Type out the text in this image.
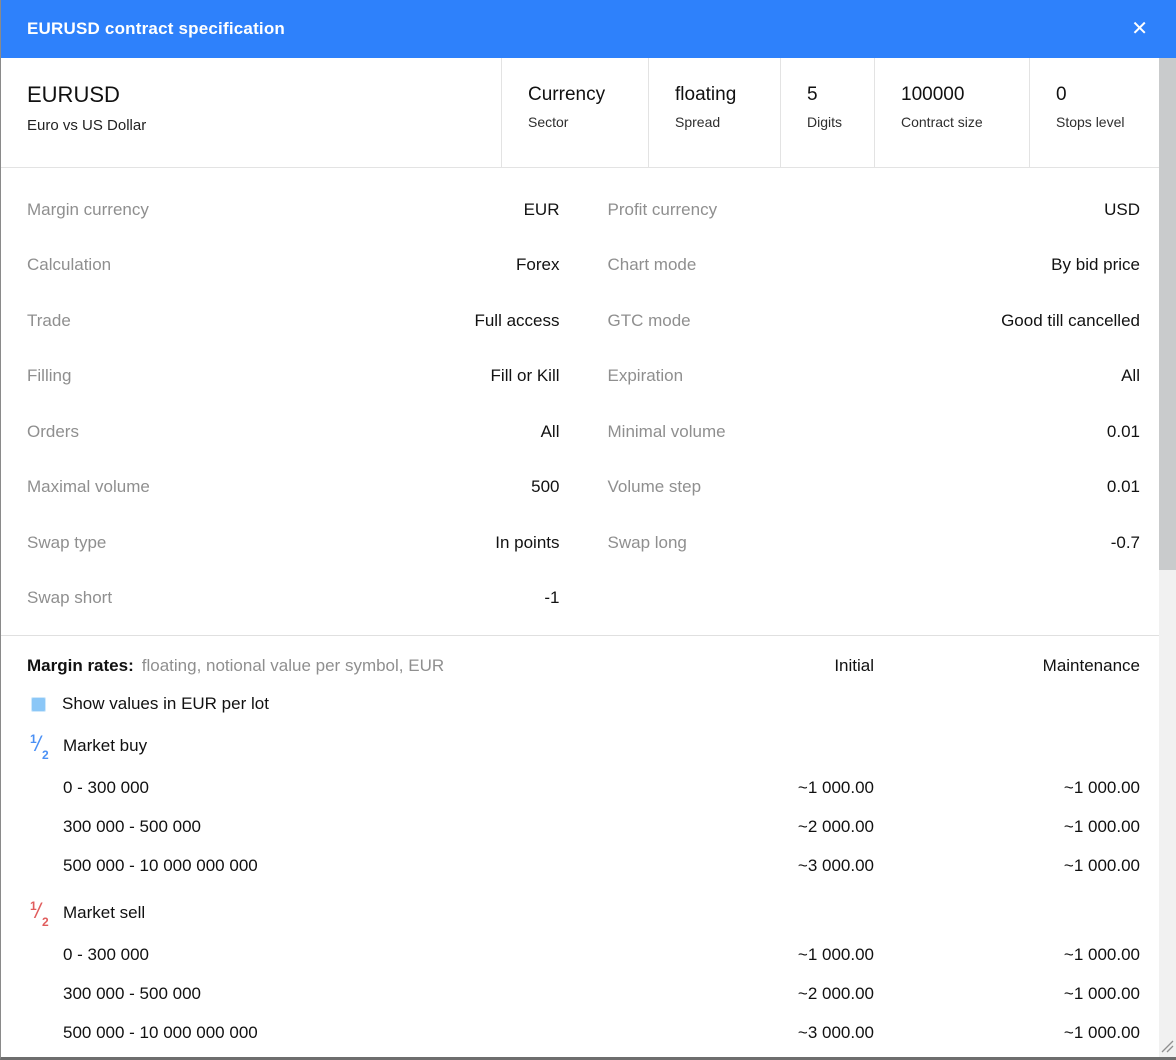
EURUSD contract specification	✕
EURUSD
Euro vs US Dollar
Currency
Sector
floating
Spread
5
Digits
100000
Contract size
0
Stops level
Margin currency	EUR
Calculation	Forex
Trade	Full access
Filling	Fill or Kill
Orders	All
Maximal volume	500
Swap type	In points
Swap short	-1
Profit currency	USD
Chart mode	By bid price
GTC mode	Good till cancelled
Expiration	All
Minimal volume	0.01
Volume step	0.01
Swap long	-0.7
Margin rates: floating, notional value per symbol, EUR	Initial	Maintenance
Show values in EUR per lot
1
/ 2 Market buy
0 - 300 000	~1 000.00	~1 000.00
300 000 - 500 000	~2 000.00	~1 000.00
500 000 - 10 000 000 000	~3 000.00	~1 000.00
1
/ 2 Market sell
0 - 300 000	~1 000.00	~1 000.00
300 000 - 500 000	~2 000.00	~1 000.00
500 000 - 10 000 000 000	~3 000.00	~1 000.00
